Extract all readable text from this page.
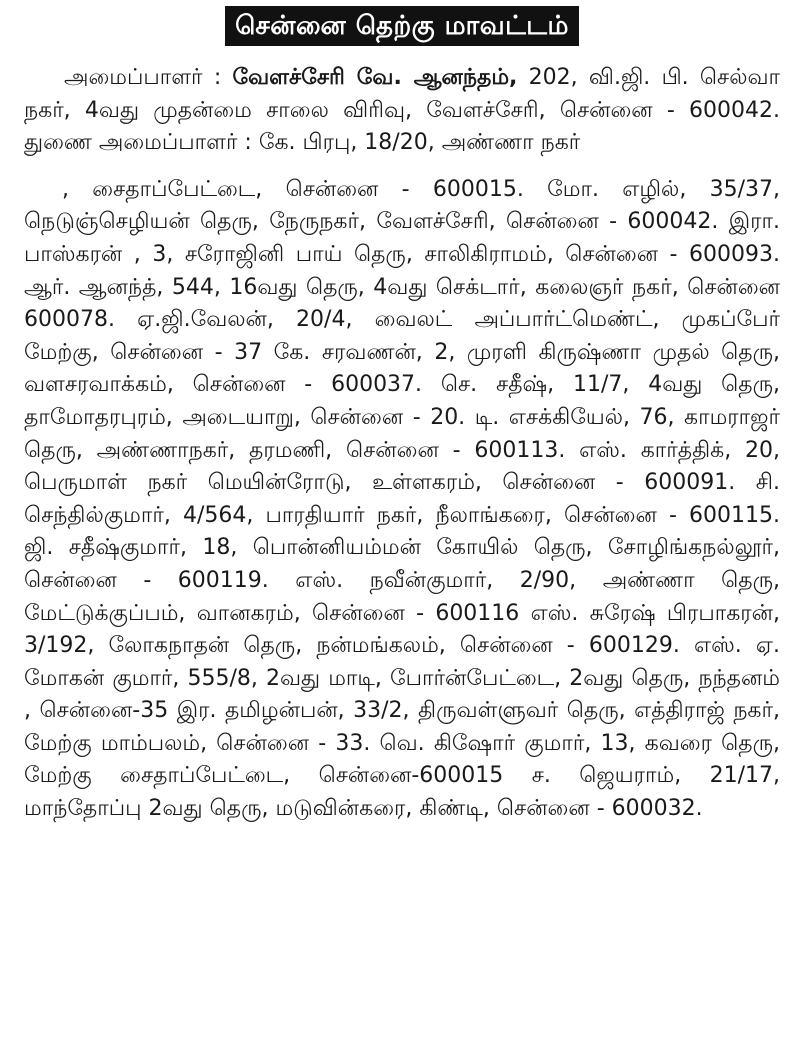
சென்னை தெற்கு மாவட்டம்

அமைப்பாளர் : வேளச்சேரி வே. ஆனந்தம், 202, வி.ஜி. பி. செல்வா நகர், 4வது முதன்மை சாலை விரிவு, வேளச்சேரி, சென்னை - 600042. துணை அமைப்பாளர் : கே. பிரபு, 18/20, அண்ணா நகர்

, சைதாப்பேட்டை, சென்னை - 600015. மோ. எழில், 35/37, நெடுஞ்செழியன் தெரு, நேருநகர், வேளச்சேரி, சென்னை - 600042. இரா. பாஸ்கரன் , 3, சரோஜினி பாய் தெரு, சாலிகிராமம், சென்னை - 600093. ஆர். ஆனந்த், 544, 16வது தெரு, 4வது செக்டார், கலைஞர் நகர், சென்னை 600078. ஏ.ஜி.வேலன், 20/4, வைலட் அப்பார்ட்மெண்ட், முகப்பேர் மேற்கு, சென்னை - 37 கே. சரவணன், 2, முரளி கிருஷ்ணா முதல் தெரு, வளசரவாக்கம், சென்னை - 600037. செ. சதீஷ், 11/7, 4வது தெரு, தாமோதரபுரம், அடையாறு, சென்னை - 20. டி. எசக்கியேல், 76, காமராஜர் தெரு, அண்ணாநகர், தரமணி, சென்னை - 600113. எஸ். கார்த்திக், 20, பெருமாள் நகர் மெயின்ரோடு, உள்ளகரம், சென்னை - 600091. சி. செந்தில்குமார், 4/564, பாரதியார் நகர், நீலாங்கரை, சென்னை - 600115. ஜி. சதீஷ்குமார், 18, பொன்னியம்மன் கோயில் தெரு, சோழிங்கநல்லூர், சென்னை - 600119. எஸ். நவீன்குமார், 2/90, அண்ணா தெரு, மேட்டுக்குப்பம், வானகரம், சென்னை - 600116 எஸ். சுரேஷ் பிரபாகரன், 3/192, லோகநாதன் தெரு, நன்மங்கலம், சென்னை - 600129. எஸ். ஏ. மோகன் குமார், 555/8, 2வது மாடி, போர்ன்பேட்டை, 2வது தெரு, நந்தனம் , சென்னை-35 இர. தமிழன்பன், 33/2, திருவள்ளுவர் தெரு, எத்திராஜ் நகர், மேற்கு மாம்பலம், சென்னை - 33. வெ. கிஷோர் குமார், 13, கவரை தெரு, மேற்கு சைதாப்பேட்டை, சென்னை-600015 ச. ஜெயராம், 21/17, மாந்தோப்பு 2வது தெரு, மடுவின்கரை, கிண்டி, சென்னை - 600032.
